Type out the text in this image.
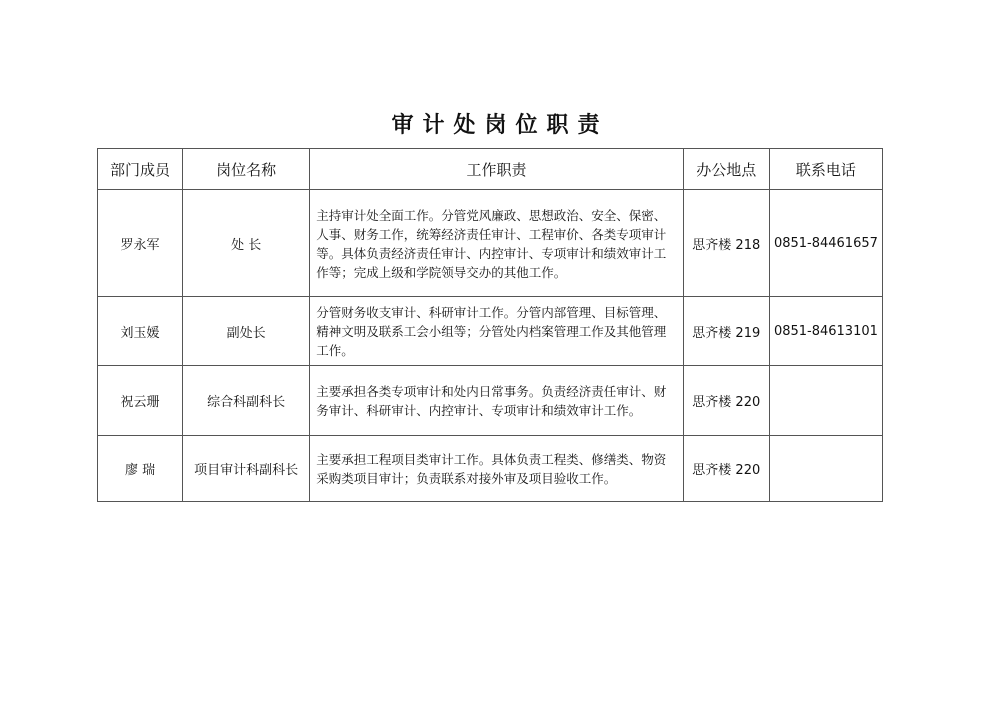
审计处岗位职责
部门成员	岗位名称	工作职责	办公地点	联系电话
罗永军	处 长	主持审计处全面工作。分管党风廉政、思想政治、安全、保密、人事、财务工作，统筹经济责任审计、工程审价、各类专项审计等。具体负责经济责任审计、内控审计、专项审计和绩效审计工作等；完成上级和学院领导交办的其他工作。	思齐楼 218	0851-84461657
刘玉媛	副处长	分管财务收支审计、科研审计工作。分管内部管理、目标管理、精神文明及联系工会小组等；分管处内档案管理工作及其他管理工作。	思齐楼 219	0851-84613101
祝云珊	综合科副科长	主要承担各类专项审计和处内日常事务。负责经济责任审计、财务审计、科研审计、内控审计、专项审计和绩效审计工作。	思齐楼 220	
廖 瑞	项目审计科副科长	主要承担工程项目类审计工作。具体负责工程类、修缮类、物资采购类项目审计；负责联系对接外审及项目验收工作。	思齐楼 220	
